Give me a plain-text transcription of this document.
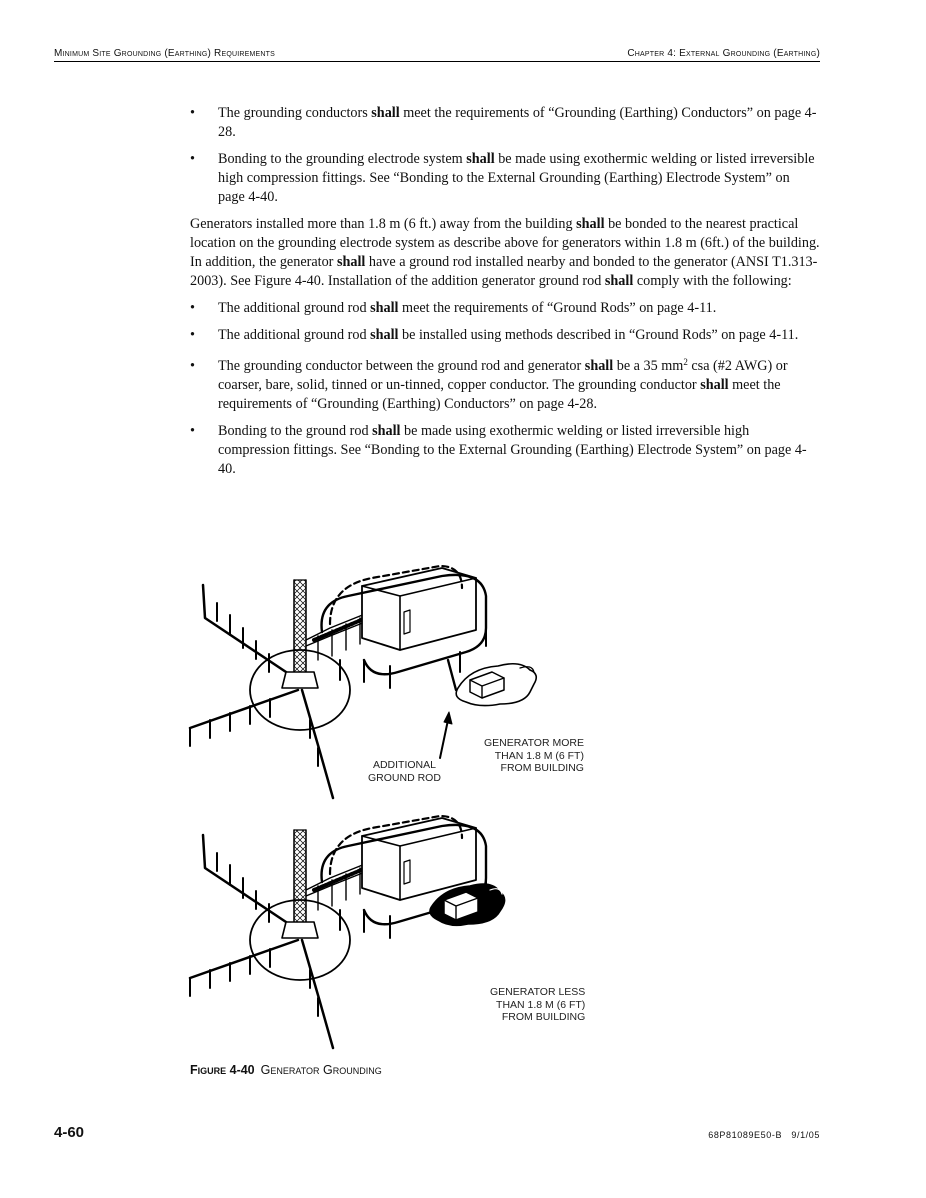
Minimum Site Grounding (Earthing) Requirements	Chapter 4: External Grounding (Earthing)
• The grounding conductors shall meet the requirements of “Grounding (Earthing) Conductors” on page 4-28.
• Bonding to the grounding electrode system shall be made using exothermic welding or listed irreversible high compression fittings. See “Bonding to the External Grounding (Earthing) Electrode System” on page 4-40.

Generators installed more than 1.8 m (6 ft.) away from the building shall be bonded to the nearest practical location on the grounding electrode system as describe above for generators within 1.8 m (6ft.) of the building. In addition, the generator shall have a ground rod installed nearby and bonded to the generator (ANSI T1.313-2003). See Figure 4-40. Installation of the addition generator ground rod shall comply with the following:

• The additional ground rod shall meet the requirements of “Ground Rods” on page 4-11.
• The additional ground rod shall be installed using methods described in “Ground Rods” on page 4-11.
• The grounding conductor between the ground rod and generator shall be a 35 $mm^2$ csa (#2 AWG) or coarser, bare, solid, tinned or un-tinned, copper conductor. The grounding conductor shall meet the requirements of “Grounding (Earthing) Conductors” on page 4-28.
• Bonding to the ground rod shall be made using exothermic welding or listed irreversible high compression fittings. See “Bonding to the External Grounding (Earthing) Electrode System” on page 4-40.
ADDITIONAL
GROUND ROD
GENERATOR MORE
THAN 1.8 M (6 FT)
FROM BUILDING
GENERATOR LESS
THAN 1.8 M (6 FT)
FROM BUILDING
Figure 4-40 Generator Grounding
4-60	68P81089E50-B   9/1/05
